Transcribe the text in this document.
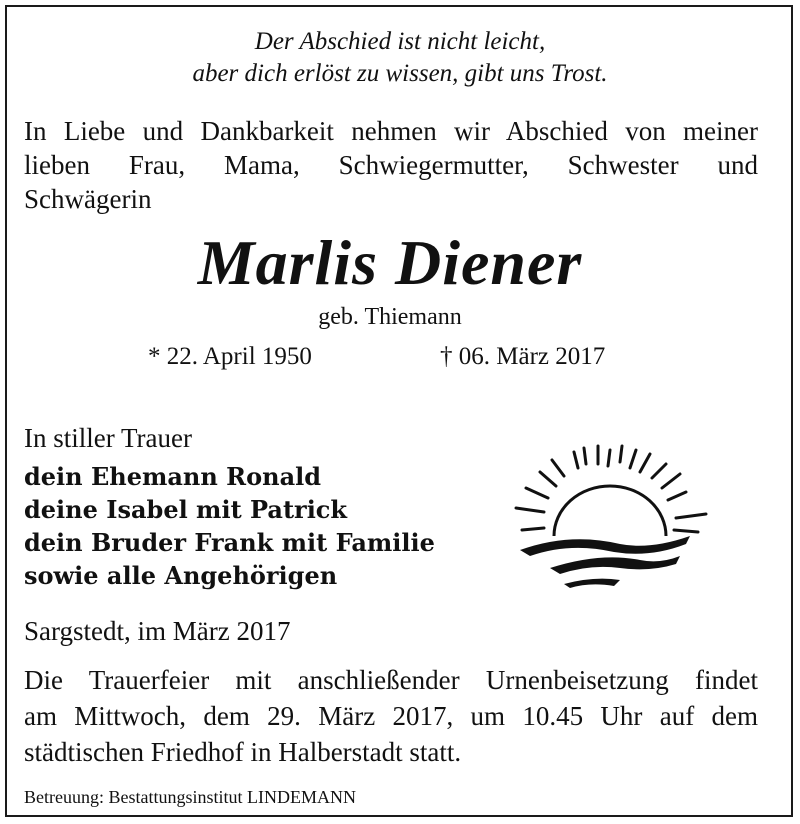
Der Abschied ist nicht leicht,
aber dich erlöst zu wissen, gibt uns Trost.
In Liebe und Dankbarkeit nehmen wir Abschied von meiner
lieben Frau, Mama, Schwiegermutter, Schwester und
Schwägerin
Marlis Diener
geb. Thiemann
* 22. April 1950	† 06. März 2017
In stiller Trauer
dein Ehemann Ronald
deine Isabel mit Patrick
dein Bruder Frank mit Familie
sowie alle Angehörigen
Sargstedt, im März 2017
Die Trauerfeier mit anschließender Urnenbeisetzung findet
am Mittwoch, dem 29. März 2017, um 10.45 Uhr auf dem
städtischen Friedhof in Halberstadt statt.
Betreuung: Bestattungsinstitut LINDEMANN
